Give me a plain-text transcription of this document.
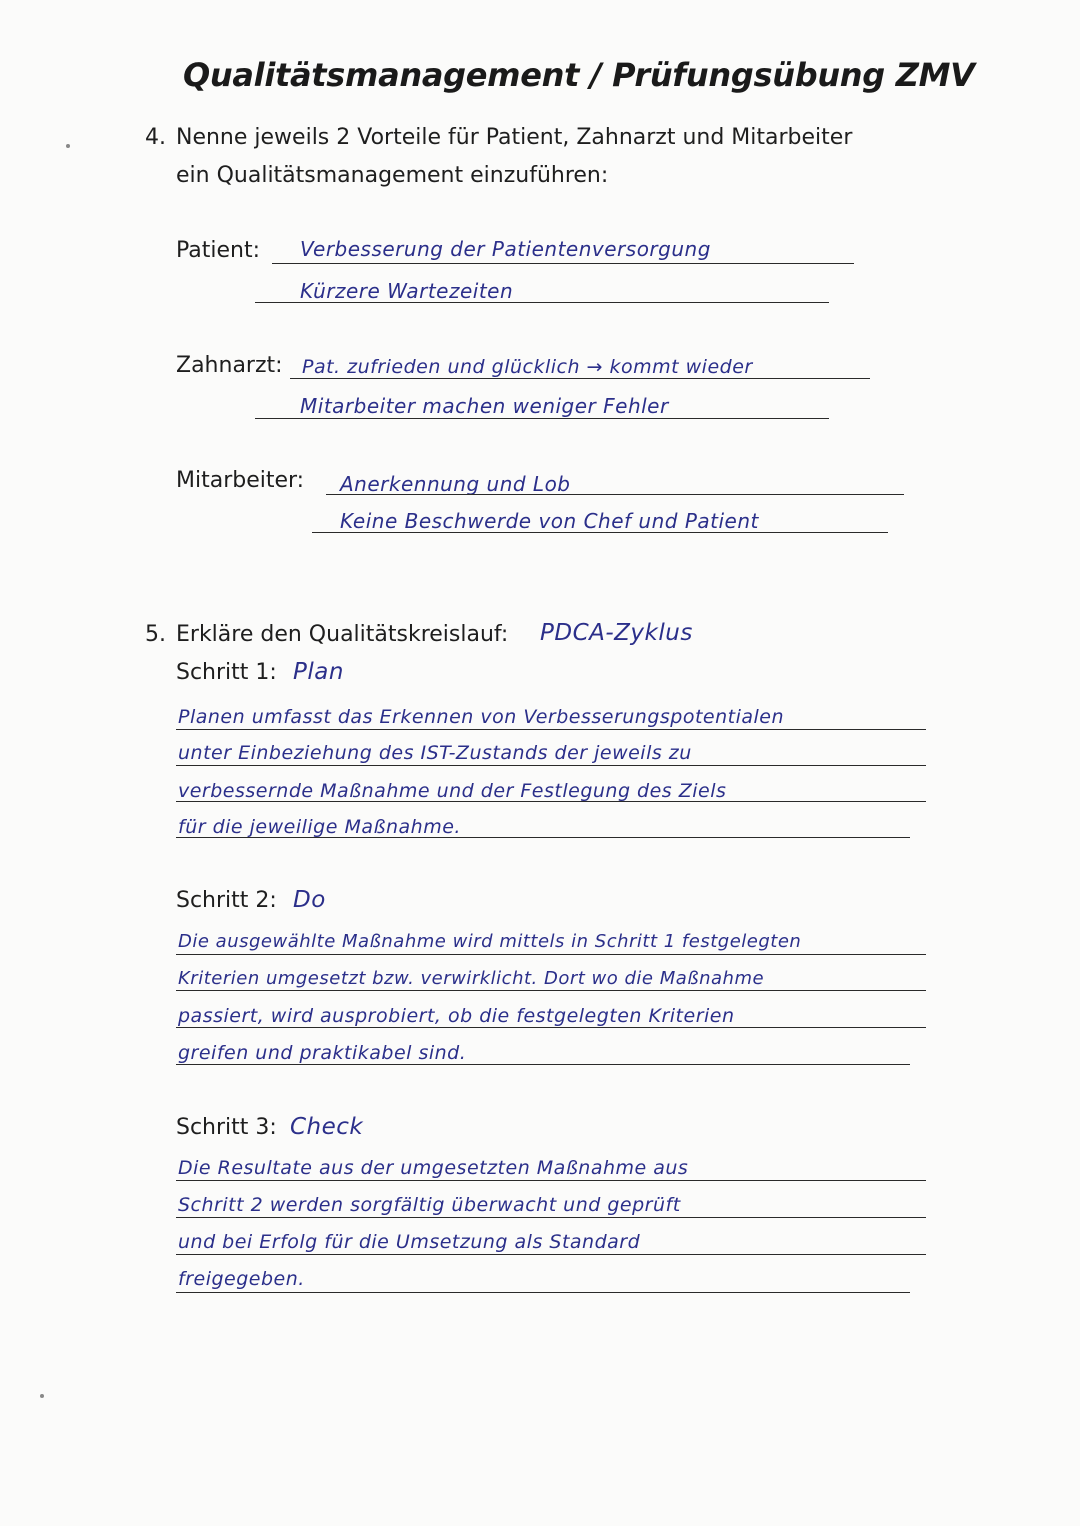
Qualitätsmanagement / Prüfungsübung ZMV
4. Nenne jeweils 2 Vorteile für Patient, Zahnarzt und Mitarbeiter
ein Qualitätsmanagement einzuführen:
Patient: Verbesserung der Patientenversorgung
Kürzere Wartezeiten
Zahnarzt: Pat. zufrieden und glücklich → kommt wieder
Mitarbeiter machen weniger Fehler
Mitarbeiter: Anerkennung und Lob
Keine Beschwerde von Chef und Patient
5. Erkläre den Qualitätskreislauf: PDCA-Zyklus
Schritt 1: Plan
Planen umfasst das Erkennen von Verbesserungspotentialen
unter Einbeziehung des IST-Zustands der jeweils zu
verbessernde Maßnahme und der Festlegung des Ziels
für die jeweilige Maßnahme.
Schritt 2: Do
Die ausgewählte Maßnahme wird mittels in Schritt 1 festgelegten
Kriterien umgesetzt bzw. verwirklicht. Dort wo die Maßnahme
passiert, wird ausprobiert, ob die festgelegten Kriterien
greifen und praktikabel sind.
Schritt 3: Check
Die Resultate aus der umgesetzten Maßnahme aus
Schritt 2 werden sorgfältig überwacht und geprüft
und bei Erfolg für die Umsetzung als Standard
freigegeben.
